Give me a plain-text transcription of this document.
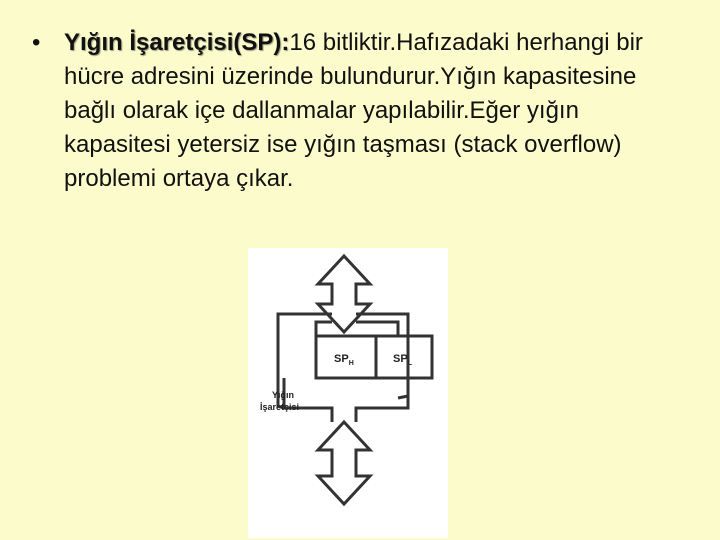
• Yığın İşaretçisi(SP):16 bitliktir.Hafızadaki herhangi bir hücre adresini üzerinde bulundurur.Yığın kapasitesine bağlı olarak içe dallanmalar yapılabilir.Eğer yığın kapasitesi yetersiz ise yığın taşması (stack overflow) problemi ortaya çıkar.
$SP_H$	$SP_L$
Yığın
İşaretçisi
